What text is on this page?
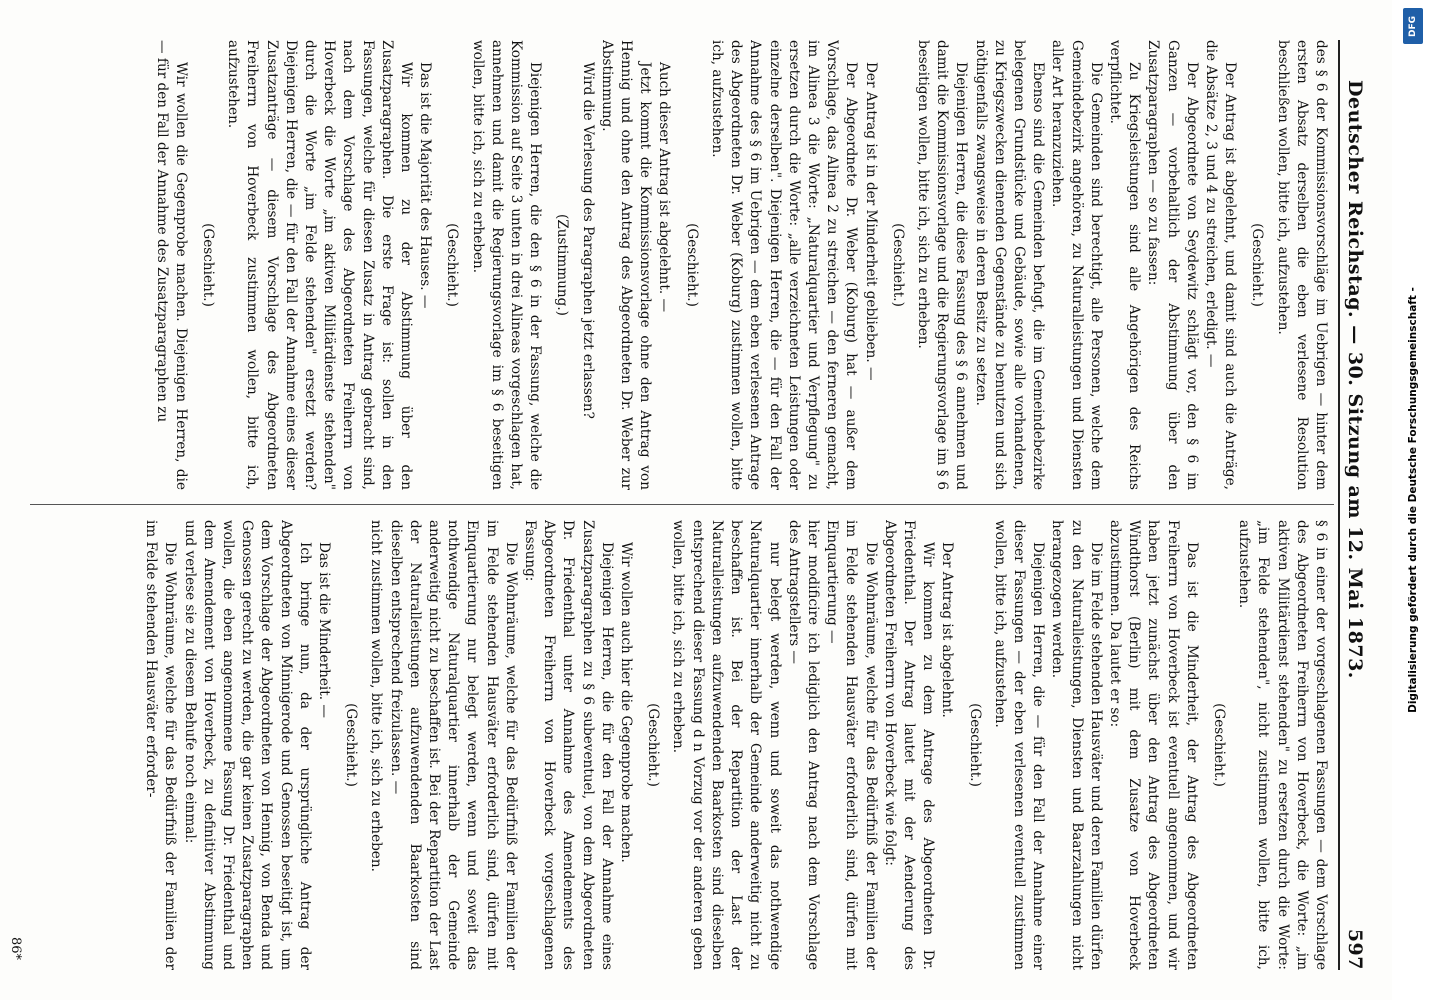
Deutscher Reichstag. — 30. Sitzung am 12. Mai 1873.
597

des § 6 der Kommissionsvorschläge im Uebrigen — hinter dem ersten Absatz derselben die eben verlesene Resolution beschließen wollen, bitte ich, aufzustehen.

(Geschieht.)

Der Antrag ist abgelehnt, und damit sind auch die Anträge, die Absätze 2, 3 und 4 zu streichen, erledigt. —

Der Abgeordnete von Seydewitz schlägt vor, den § 6 im Ganzen — vorbehaltlich der Abstimmung über den Zusatzparagraphen — so zu fassen:

Zu Kriegsleistungen sind alle Angehörigen des Reichs verpflichtet.

Die Gemeinden sind berechtigt, alle Personen, welche dem Gemeindebezirk angehören, zu Naturalleistungen und Diensten aller Art heranzuziehen.

Ebenso sind die Gemeinden befugt, die im Gemeindebezirke belegenen Grundstücke und Gebäude, sowie alle vorhandenen, zu Kriegszwecken dienenden Gegenstände zu benutzen und sich nöthigenfalls zwangsweise in deren Besitz zu setzen.

Diejenigen Herren, die diese Fassung des § 6 annehmen und damit die Kommissionsvorlage und die Regierungsvorlage im § 6 beseitigen wollen, bitte ich, sich zu erheben.

(Geschieht.)

Der Antrag ist in der Minderheit geblieben. —

Der Abgeordnete Dr. Weber (Koburg) hat — außer dem Vorschlage, das Alinea 2 zu streichen — den ferneren gemacht, im Alinea 3 die Worte: „Naturalquartier und Verpflegung" zu ersetzen durch die Worte: „alle verzeichneten Leistungen oder einzelne derselben". Diejenigen Herren, die — für den Fall der Annahme des § 6 im Uebrigen — dem eben verlesenen Antrage des Abgeordneten Dr. Weber (Koburg) zustimmen wollen, bitte ich, aufzustehen.

(Geschieht.)

Auch dieser Antrag ist abgelehnt. —

Jetzt kommt die Kommissionsvorlage ohne den Antrag von Hennig und ohne den Antrag des Abgeordneten Dr. Weber zur Abstimmung.

Wird die Verlesung des Paragraphen jetzt erlassen?

(Zustimmung.)

Diejenigen Herren, die den § 6 in der Fassung, welche die Kommission auf Seite 3 unten in drei Alineas vorgeschlagen hat, annehmen und damit die Regierungsvorlage im § 6 beseitigen wollen, bitte ich, sich zu erheben.

(Geschieht.)

Das ist die Majorität des Hauses. —

Wir kommen zu der Abstimmung über den Zusatzparagraphen. Die erste Frage ist: sollen in den Fassungen, welche für diesen Zusatz in Antrag gebracht sind, nach dem Vorschlage des Abgeordneten Freiherrn von Hoverbeck die Worte „im aktiven Militärdienste stehenden" durch die Worte „im Felde stehenden" ersetzt werden? Diejenigen Herren, die — für den Fall der Annahme eines dieser Zusatzanträge — diesem Vorschlage des Abgeordneten Freiherrn von Hoverbeck zustimmen wollen, bitte ich, aufzustehen.

(Geschieht.)

Wir wollen die Gegenprobe machen. Diejenigen Herren, die — für den Fall der Annahme des Zusatzparagraphen zu

§ 6 in einer der vorgeschlagenen Fassungen — dem Vorschlage des Abgeordneten Freiherrn von Hoverbeck, die Worte: „im aktiven Militärdienst stehenden" zu ersetzen durch die Worte: „im Felde stehenden", nicht zustimmen wollen, bitte ich, aufzustehen.

(Geschieht.)

Das ist die Minderheit, der Antrag des Abgeordneten Freiherrn von Hoverbeck ist eventuell angenommen, und wir haben jetzt zunächst über den Antrag des Abgeordneten Windthorst (Berlin) mit dem Zusatze von Hoverbeck abzustimmen. Da lautet er so:

Die im Felde stehenden Hausväter und deren Familien dürfen zu den Naturalleistungen, Diensten und Baarzahlungen nicht herangezogen werden.

Diejenigen Herren, die — für den Fall der Annahme einer dieser Fassungen — der eben verlesenen eventuell zustimmen wollen, bitte ich, aufzustehen.

(Geschieht.)

Der Antrag ist abgelehnt.

Wir kommen zu dem Antrage des Abgeordneten Dr. Friedenthal. Der Antrag lautet mit der Aenderung des Abgeordneten Freiherrn von Hoverbeck wie folgt:

Die Wohnräume, welche für das Bedürfniß der Familien der im Felde stehenden Hausväter erforderlich sind, dürfen mit Einquartierung —

hier modificire ich lediglich den Antrag nach dem Vorschlage des Antragstellers —

nur belegt werden, wenn und soweit das nothwendige Naturalquartier innerhalb der Gemeinde anderweitig nicht zu beschaffen ist. Bei der Repartition der Last der Naturalleistungen aufzuwendenden Baarkosten sind dieselben entsprechend dieser Fassung d n Vorzug vor der anderen geben wollen, bitte ich, sich zu erheben.

(Geschieht.)

Wir wollen auch hier die Gegenprobe machen.

Diejenigen Herren, die für den Fall der Annahme eines Zusatzparagraphen zu § 6 subeventuel, von dem Abgeordneten Dr. Friedenthal unter Annahme des Amendements des Abgeordneten Freiherrn von Hoverbeck vorgeschlagenen Fassung:

Die Wohnräume, welche für das Bedürfniß der Familien der im Felde stehenden Hausväter erforderlich sind, dürfen mit Einquartierung nur belegt werden, wenn und soweit das nothwendige Naturalquartier innerhalb der Gemeinde anderweitig nicht zu beschaffen ist. Bei der Repartition der Last der Naturalleistungen aufzuwendenden Baarkosten sind dieselben entsprechend freizulassen. —

nicht zustimmen wollen, bitte ich, sich zu erheben.

(Geschieht.)

Das ist die Minderheit. —

Ich bringe nun, da der ursprüngliche Antrag der Abgeordneten von Minnigerode und Genossen beseitigt ist, um dem Vorschlage der Abgeordneten von Hennig, von Benda und Genossen gerecht zu werden, die gar keinen Zusatzparagraphen wollen, die eben angenommene Fassung Dr. Friedenthal und dem Amendement von Hoverbeck, zu definitiver Abstimmung und verlese sie zu diesem Behufe noch einmal:

Die Wohnräume, welche für das Bedürfniß der Familien der im Felde stehenden Hausväter erforder-

86*
DFG
Digitalisierung gefördert durch die Deutsche Forschungsgemeinschaft -
